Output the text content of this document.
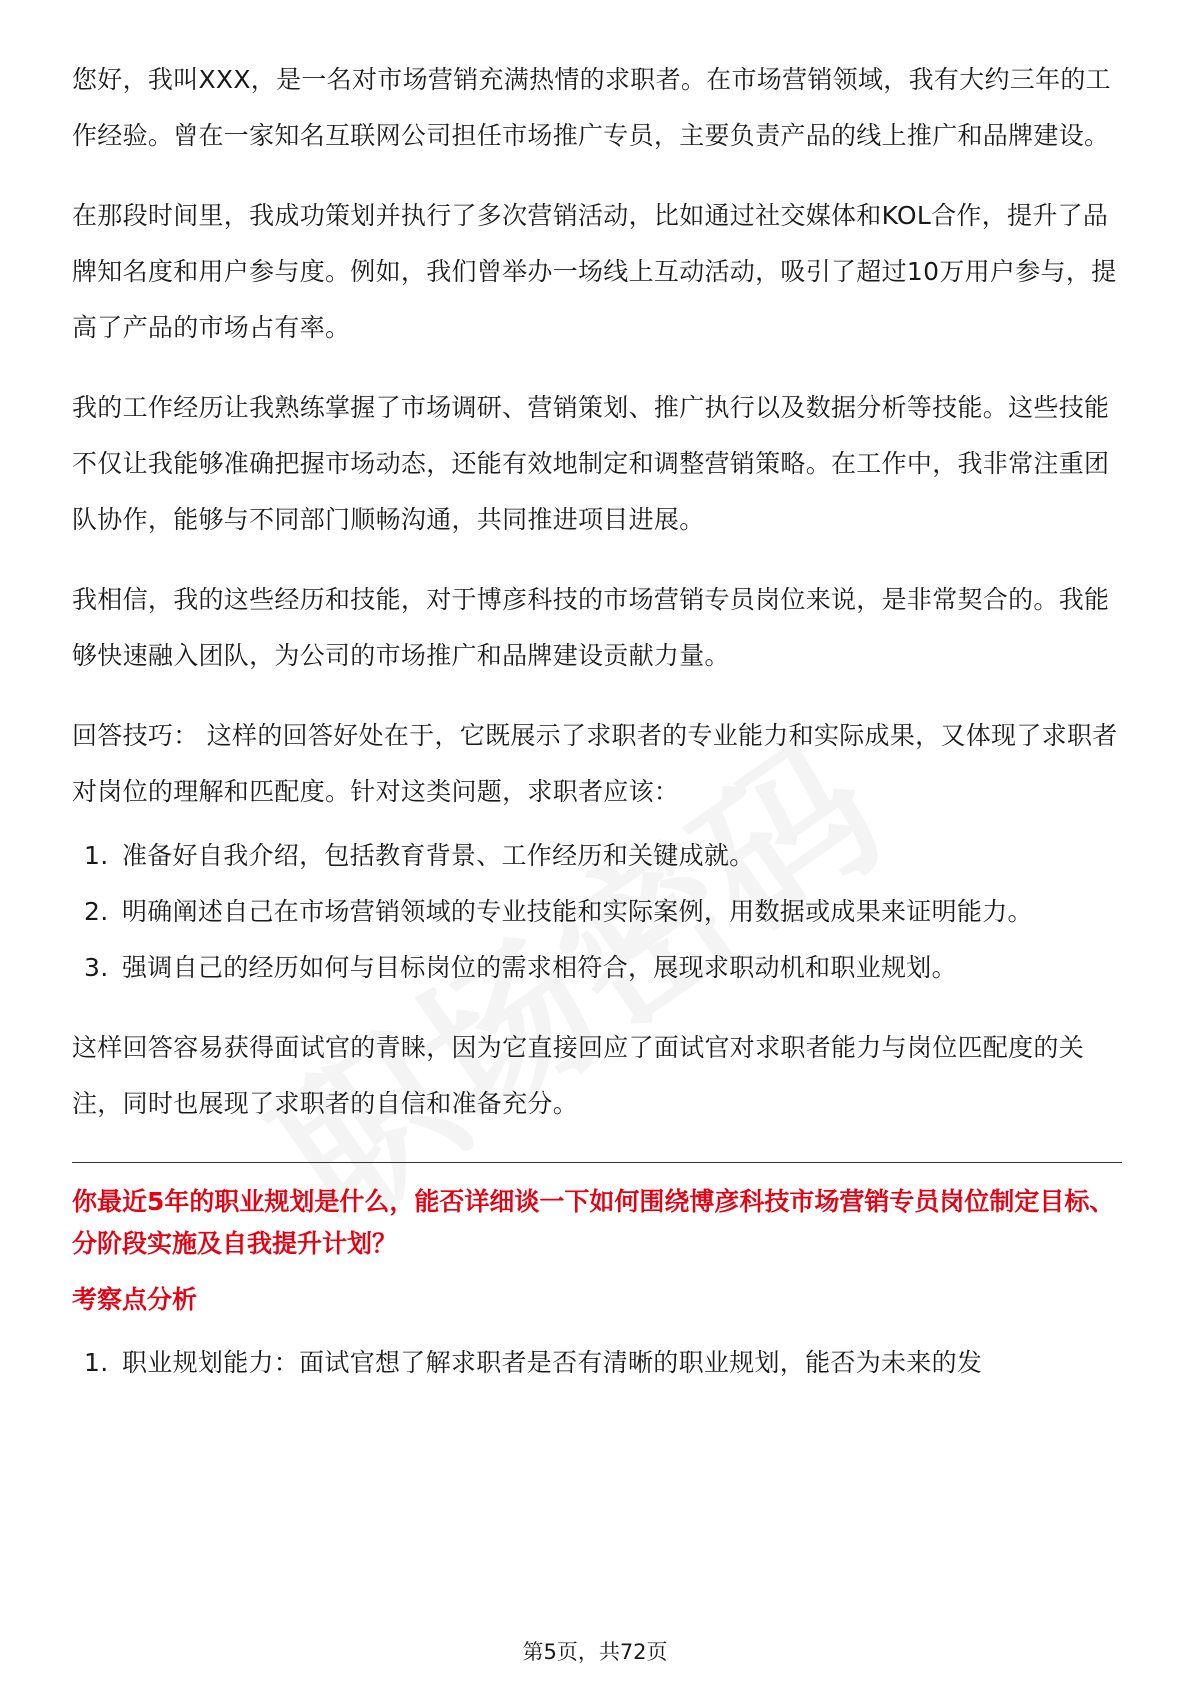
您好，我叫XXX，是一名对市场营销充满热情的求职者。在市场营销领域，我有大约三年的工作经验。曾在一家知名互联网公司担任市场推广专员，主要负责产品的线上推广和品牌建设。

在那段时间里，我成功策划并执行了多次营销活动，比如通过社交媒体和KOL合作，提升了品牌知名度和用户参与度。例如，我们曾举办一场线上互动活动，吸引了超过10万用户参与，提高了产品的市场占有率。

我的工作经历让我熟练掌握了市场调研、营销策划、推广执行以及数据分析等技能。这些技能不仅让我能够准确把握市场动态，还能有效地制定和调整营销策略。在工作中，我非常注重团队协作，能够与不同部门顺畅沟通，共同推进项目进展。

我相信，我的这些经历和技能，对于博彦科技的市场营销专员岗位来说，是非常契合的。我能够快速融入团队，为公司的市场推广和品牌建设贡献力量。

回答技巧： 这样的回答好处在于，它既展示了求职者的专业能力和实际成果，又体现了求职者对岗位的理解和匹配度。针对这类问题，求职者应该：

1. 准备好自我介绍，包括教育背景、工作经历和关键成就。
2. 明确阐述自己在市场营销领域的专业技能和实际案例，用数据或成果来证明能力。
3. 强调自己的经历如何与目标岗位的需求相符合，展现求职动机和职业规划。

这样回答容易获得面试官的青睐，因为它直接回应了面试官对求职者能力与岗位匹配度的关注，同时也展现了求职者的自信和准备充分。

你最近5年的职业规划是什么，能否详细谈一下如何围绕博彦科技市场营销专员岗位制定目标、分阶段实施及自我提升计划？

考察点分析

1. 职业规划能力：面试官想了解求职者是否有清晰的职业规划，能否为未来的发
第5页，共72页
